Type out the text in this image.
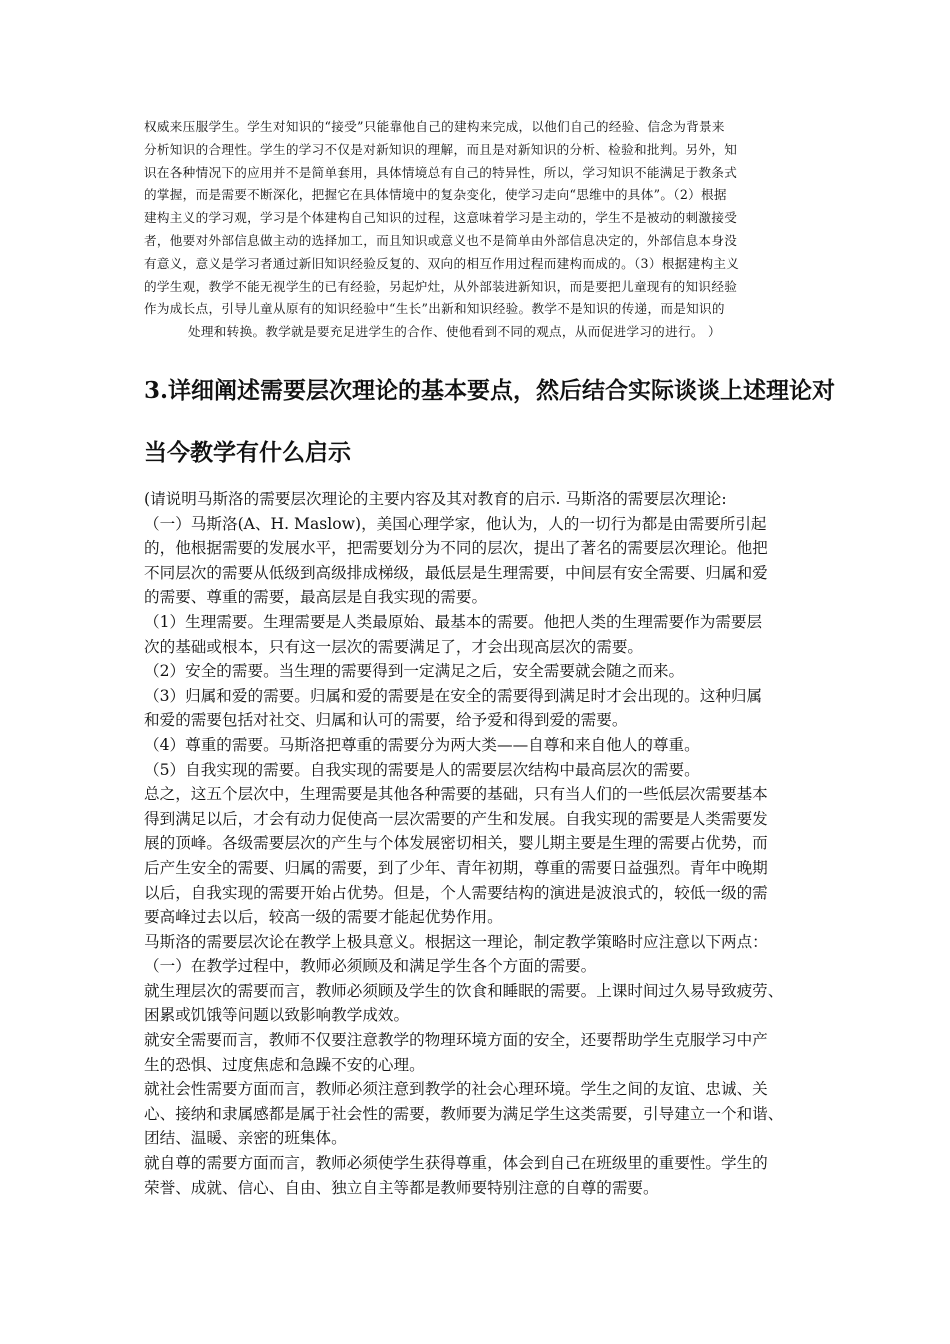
权威来压服学生。学生对知识的“接受”只能靠他自己的建构来完成，以他们自己的经验、信念为背景来
分析知识的合理性。学生的学习不仅是对新知识的理解，而且是对新知识的分析、检验和批判。另外，知
识在各种情况下的应用并不是简单套用，具体情境总有自己的特异性，所以，学习知识不能满足于教条式
的掌握，而是需要不断深化，把握它在具体情境中的复杂变化，使学习走向“思维中的具体”。（2）根据
建构主义的学习观，学习是个体建构自己知识的过程，这意味着学习是主动的，学生不是被动的刺激接受
者，他要对外部信息做主动的选择加工，而且知识或意义也不是简单由外部信息决定的，外部信息本身没
有意义，意义是学习者通过新旧知识经验反复的、双向的相互作用过程而建构而成的。（3）根据建构主义
的学生观，教学不能无视学生的已有经验，另起炉灶，从外部装进新知识，而是要把儿童现有的知识经验
作为成长点，引导儿童从原有的知识经验中“生长”出新和知识经验。教学不是知识的传递，而是知识的
处理和转换。教学就是要充足进学生的合作、使他看到不同的观点，从而促进学习的进行。 ）
3.详细阐述需要层次理论的基本要点，然后结合实际谈谈上述理论对
当今教学有什么启示
(请说明马斯洛的需要层次理论的主要内容及其对教育的启示. 马斯洛的需要层次理论:
（一）马斯洛(A、H. Maslow)，美国心理学家，他认为，人的一切行为都是由需要所引起
的，他根据需要的发展水平，把需要划分为不同的层次，提出了著名的需要层次理论。他把
不同层次的需要从低级到高级排成梯级，最低层是生理需要，中间层有安全需要、归属和爱
的需要、尊重的需要，最高层是自我实现的需要。
（1）生理需要。生理需要是人类最原始、最基本的需要。他把人类的生理需要作为需要层
次的基础或根本，只有这一层次的需要满足了，才会出现高层次的需要。
（2）安全的需要。当生理的需要得到一定满足之后，安全需要就会随之而来。
（3）归属和爱的需要。归属和爱的需要是在安全的需要得到满足时才会出现的。这种归属
和爱的需要包括对社交、归属和认可的需要，给予爱和得到爱的需要。
（4）尊重的需要。马斯洛把尊重的需要分为两大类——自尊和来自他人的尊重。
（5）自我实现的需要。自我实现的需要是人的需要层次结构中最高层次的需要。
总之，这五个层次中，生理需要是其他各种需要的基础，只有当人们的一些低层次需要基本
得到满足以后，才会有动力促使高一层次需要的产生和发展。自我实现的需要是人类需要发
展的顶峰。各级需要层次的产生与个体发展密切相关，婴儿期主要是生理的需要占优势，而
后产生安全的需要、归属的需要，到了少年、青年初期，尊重的需要日益强烈。青年中晚期
以后，自我实现的需要开始占优势。但是，个人需要结构的演进是波浪式的，较低一级的需
要高峰过去以后，较高一级的需要才能起优势作用。
马斯洛的需要层次论在教学上极具意义。根据这一理论，制定教学策略时应注意以下两点：
（一）在教学过程中，教师必须顾及和满足学生各个方面的需要。
就生理层次的需要而言，教师必须顾及学生的饮食和睡眠的需要。上课时间过久易导致疲劳、
困累或饥饿等问题以致影响教学成效。
就安全需要而言，教师不仅要注意教学的物理环境方面的安全，还要帮助学生克服学习中产
生的恐惧、过度焦虑和急躁不安的心理。
就社会性需要方面而言，教师必须注意到教学的社会心理环境。学生之间的友谊、忠诚、关
心、接纳和隶属感都是属于社会性的需要，教师要为满足学生这类需要，引导建立一个和谐、
团结、温暖、亲密的班集体。
就自尊的需要方面而言，教师必须使学生获得尊重，体会到自己在班级里的重要性。学生的
荣誉、成就、信心、自由、独立自主等都是教师要特别注意的自尊的需要。
